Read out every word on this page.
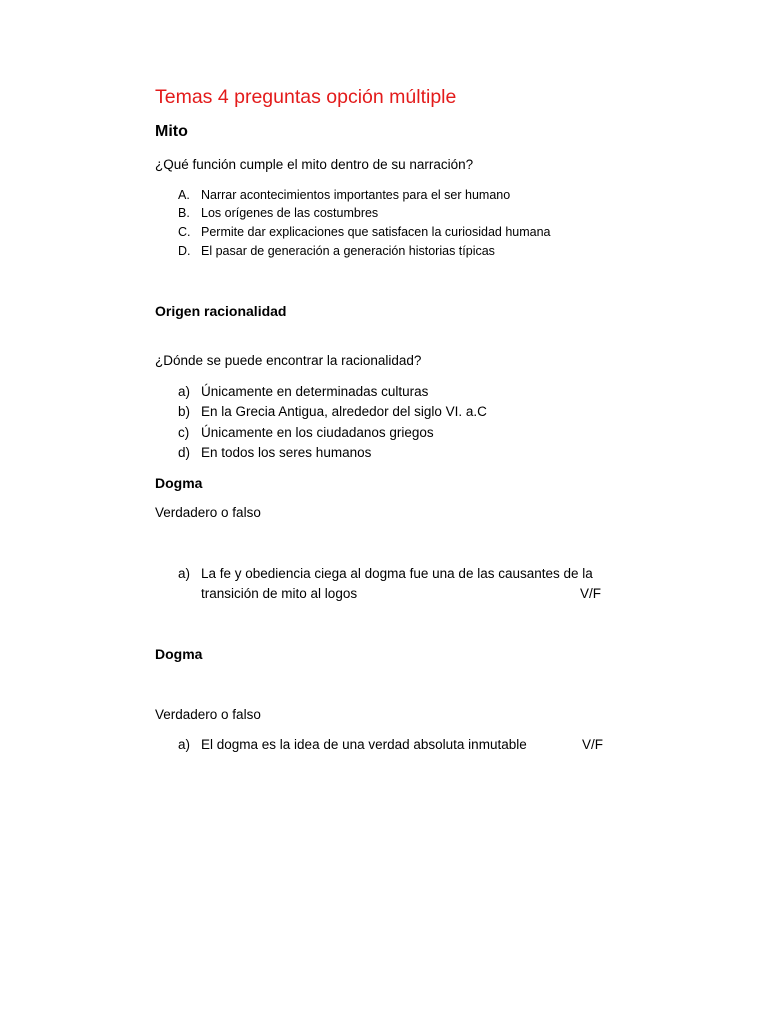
Temas 4 preguntas opción múltiple
Mito
¿Qué función cumple el mito dentro de su narración?
A. Narrar acontecimientos importantes para el ser humano
B. Los orígenes de las costumbres
C. Permite dar explicaciones que satisfacen la curiosidad humana
D. El pasar de generación a generación historias típicas
Origen racionalidad
¿Dónde se puede encontrar la racionalidad?
a) Únicamente en determinadas culturas
b) En la Grecia Antigua, alrededor del siglo VI. a.C
c) Únicamente en los ciudadanos griegos
d) En todos los seres humanos
Dogma
Verdadero o falso
a) La fe y obediencia ciega al dogma fue una de las causantes de la
transición de mito al logos	V/F
Dogma
Verdadero o falso
a) El dogma es la idea de una verdad absoluta inmutable	V/F
